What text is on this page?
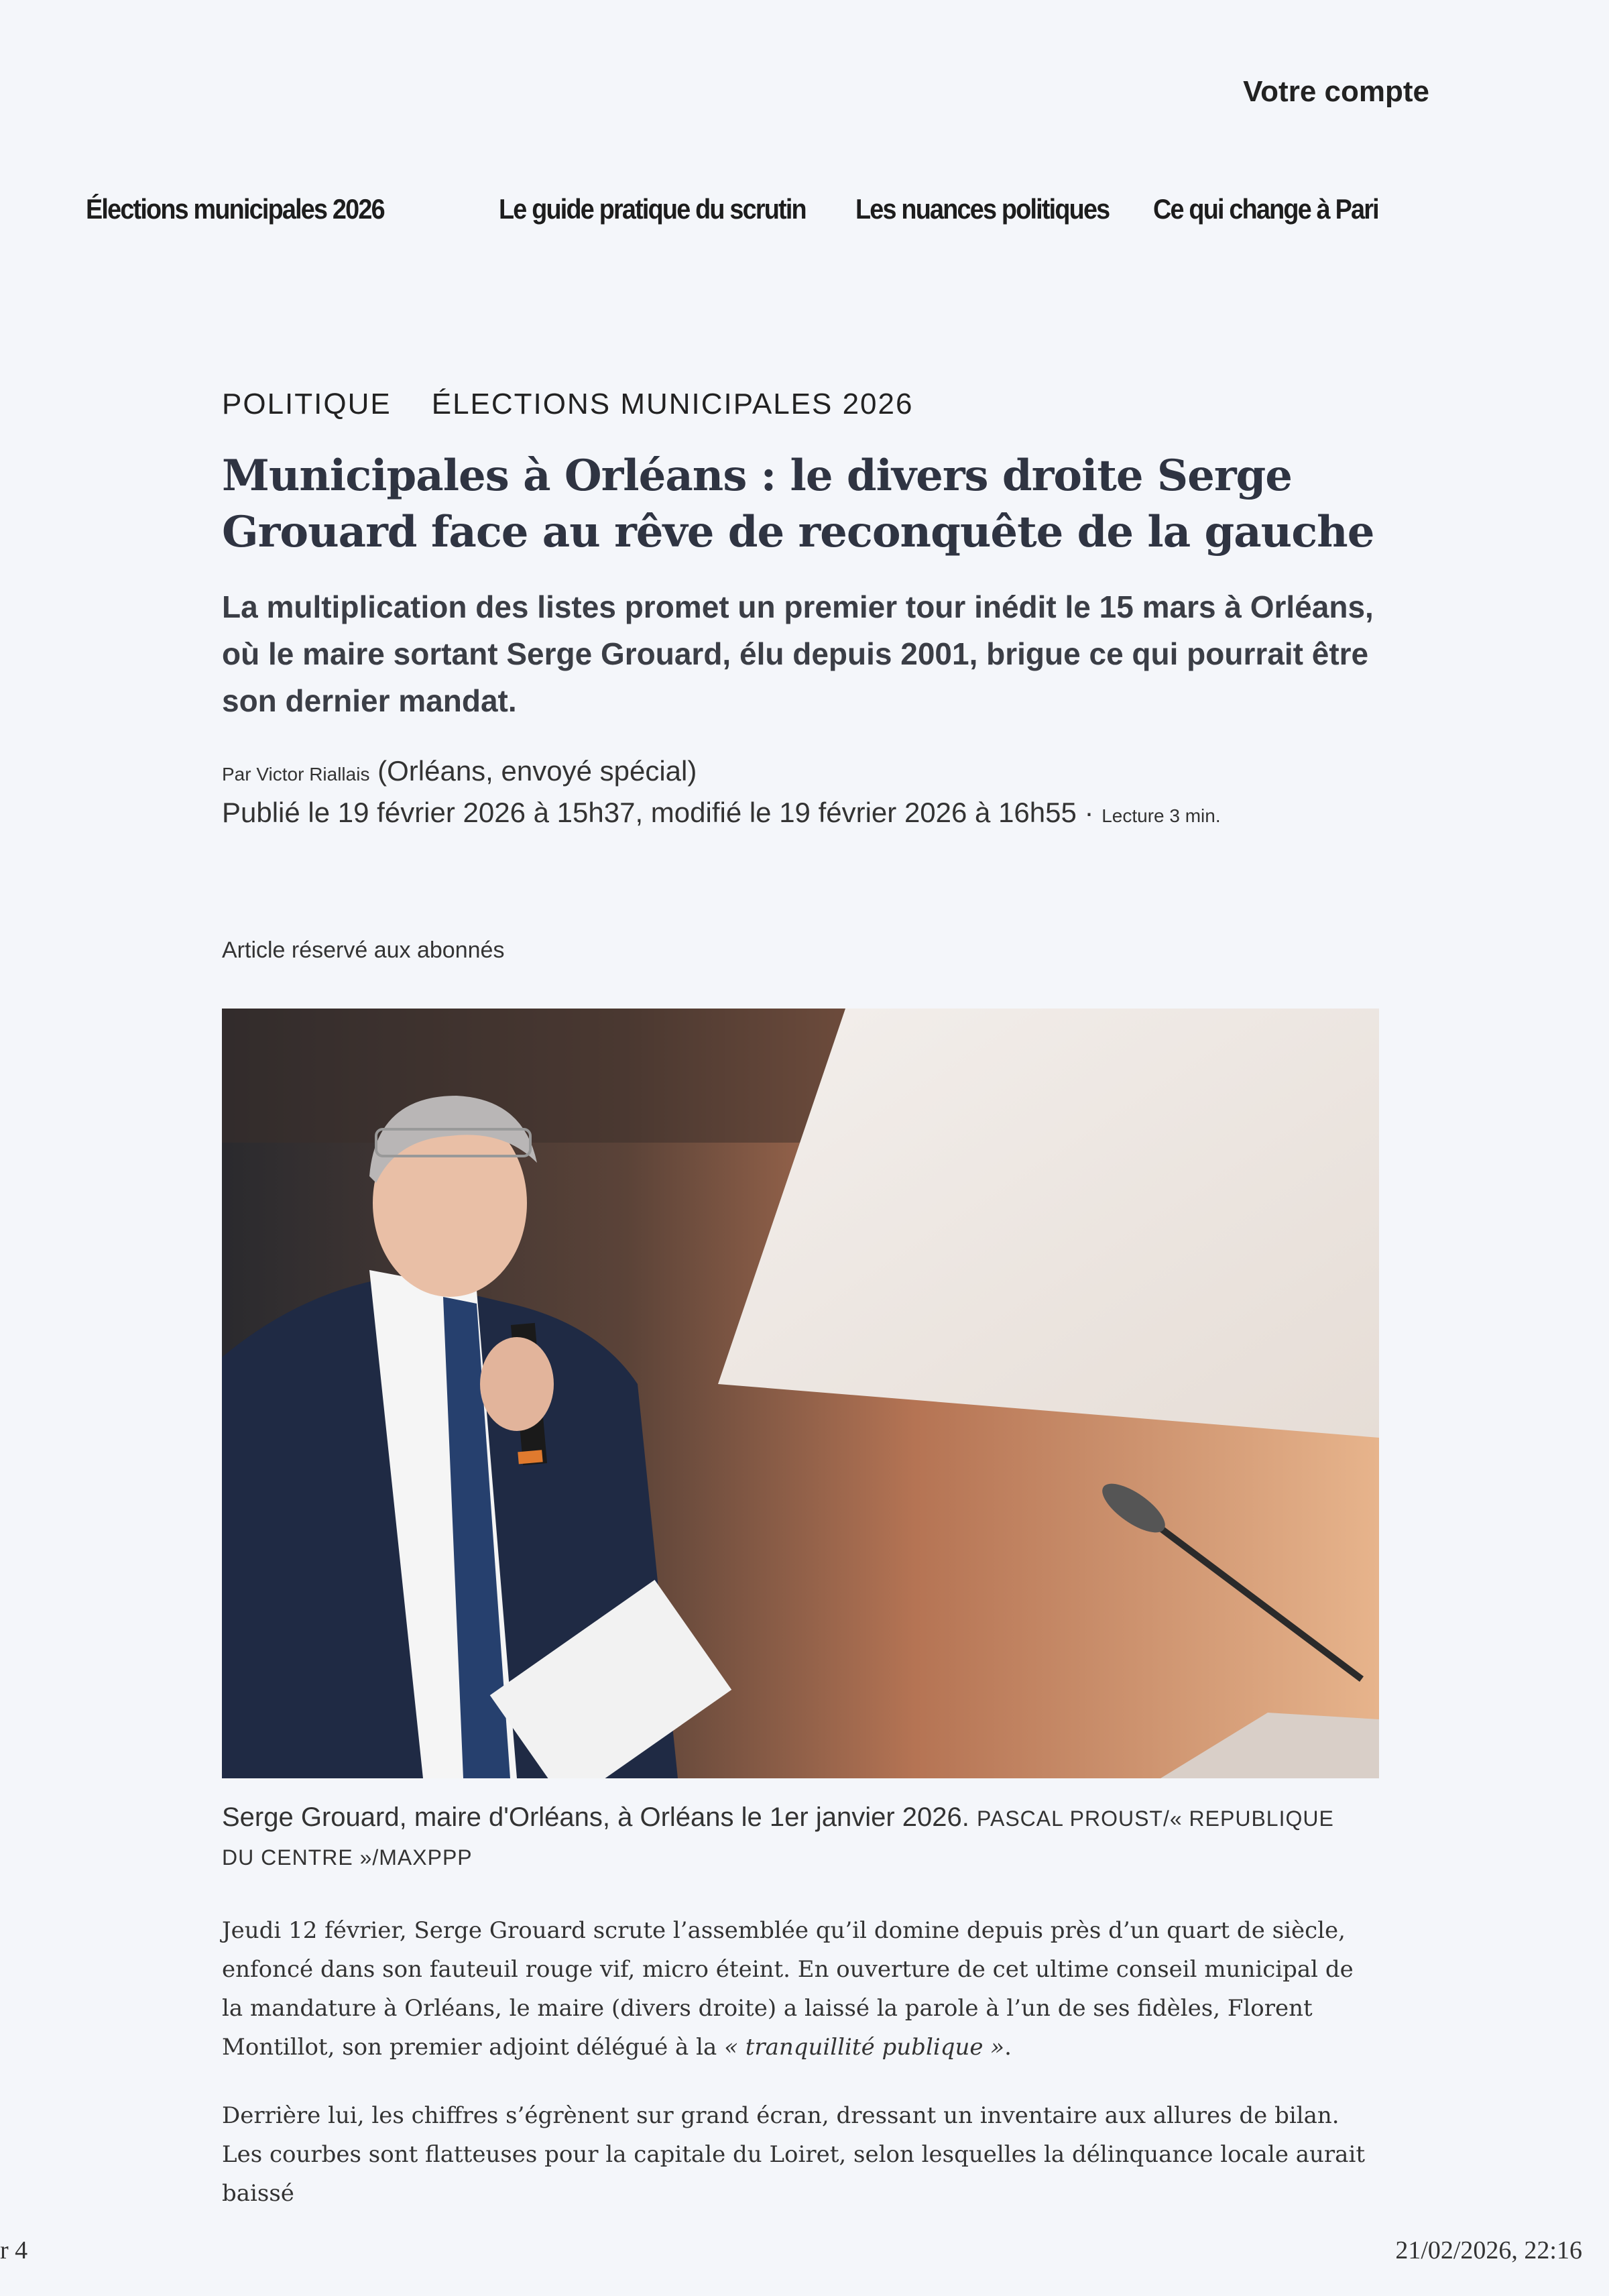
Votre compte
Élections municipales 2026	Le guide pratique du scrutin Les nuances politiques Ce qui change à Pari
POLITIQUE ÉLECTIONS MUNICIPALES 2026
Municipales à Orléans : le divers droite Serge Grouard face au rêve de reconquête de la gauche

La multiplication des listes promet un premier tour inédit le 15 mars à Orléans, où le maire sortant Serge Grouard, élu depuis 2001, brigue ce qui pourrait être son dernier mandat.

Par Victor Riallais (Orléans, envoyé spécial)
Publié le 19 février 2026 à 15h37, modifié le 19 février 2026 à 16h55 · Lecture 3 min.
Article réservé aux abonnés
Serge Grouard, maire d'Orléans, à Orléans le 1er janvier 2026. PASCAL PROUST/« REPUBLIQUE DU CENTRE »/MAXPPP

Jeudi 12 février, Serge Grouard scrute l’assemblée qu’il domine depuis près d’un quart de siècle, enfoncé dans son fauteuil rouge vif, micro éteint. En ouverture de cet ultime conseil municipal de la mandature à Orléans, le maire (divers droite) a laissé la parole à l’un de ses fidèles, Florent Montillot, son premier adjoint délégué à la « tranquillité publique ».

Derrière lui, les chiffres s’égrènent sur grand écran, dressant un inventaire aux allures de bilan. Les courbes sont flatteuses pour la capitale du Loiret, selon lesquelles la délinquance locale aurait baissé

r 4	21/02/2026, 22:16
